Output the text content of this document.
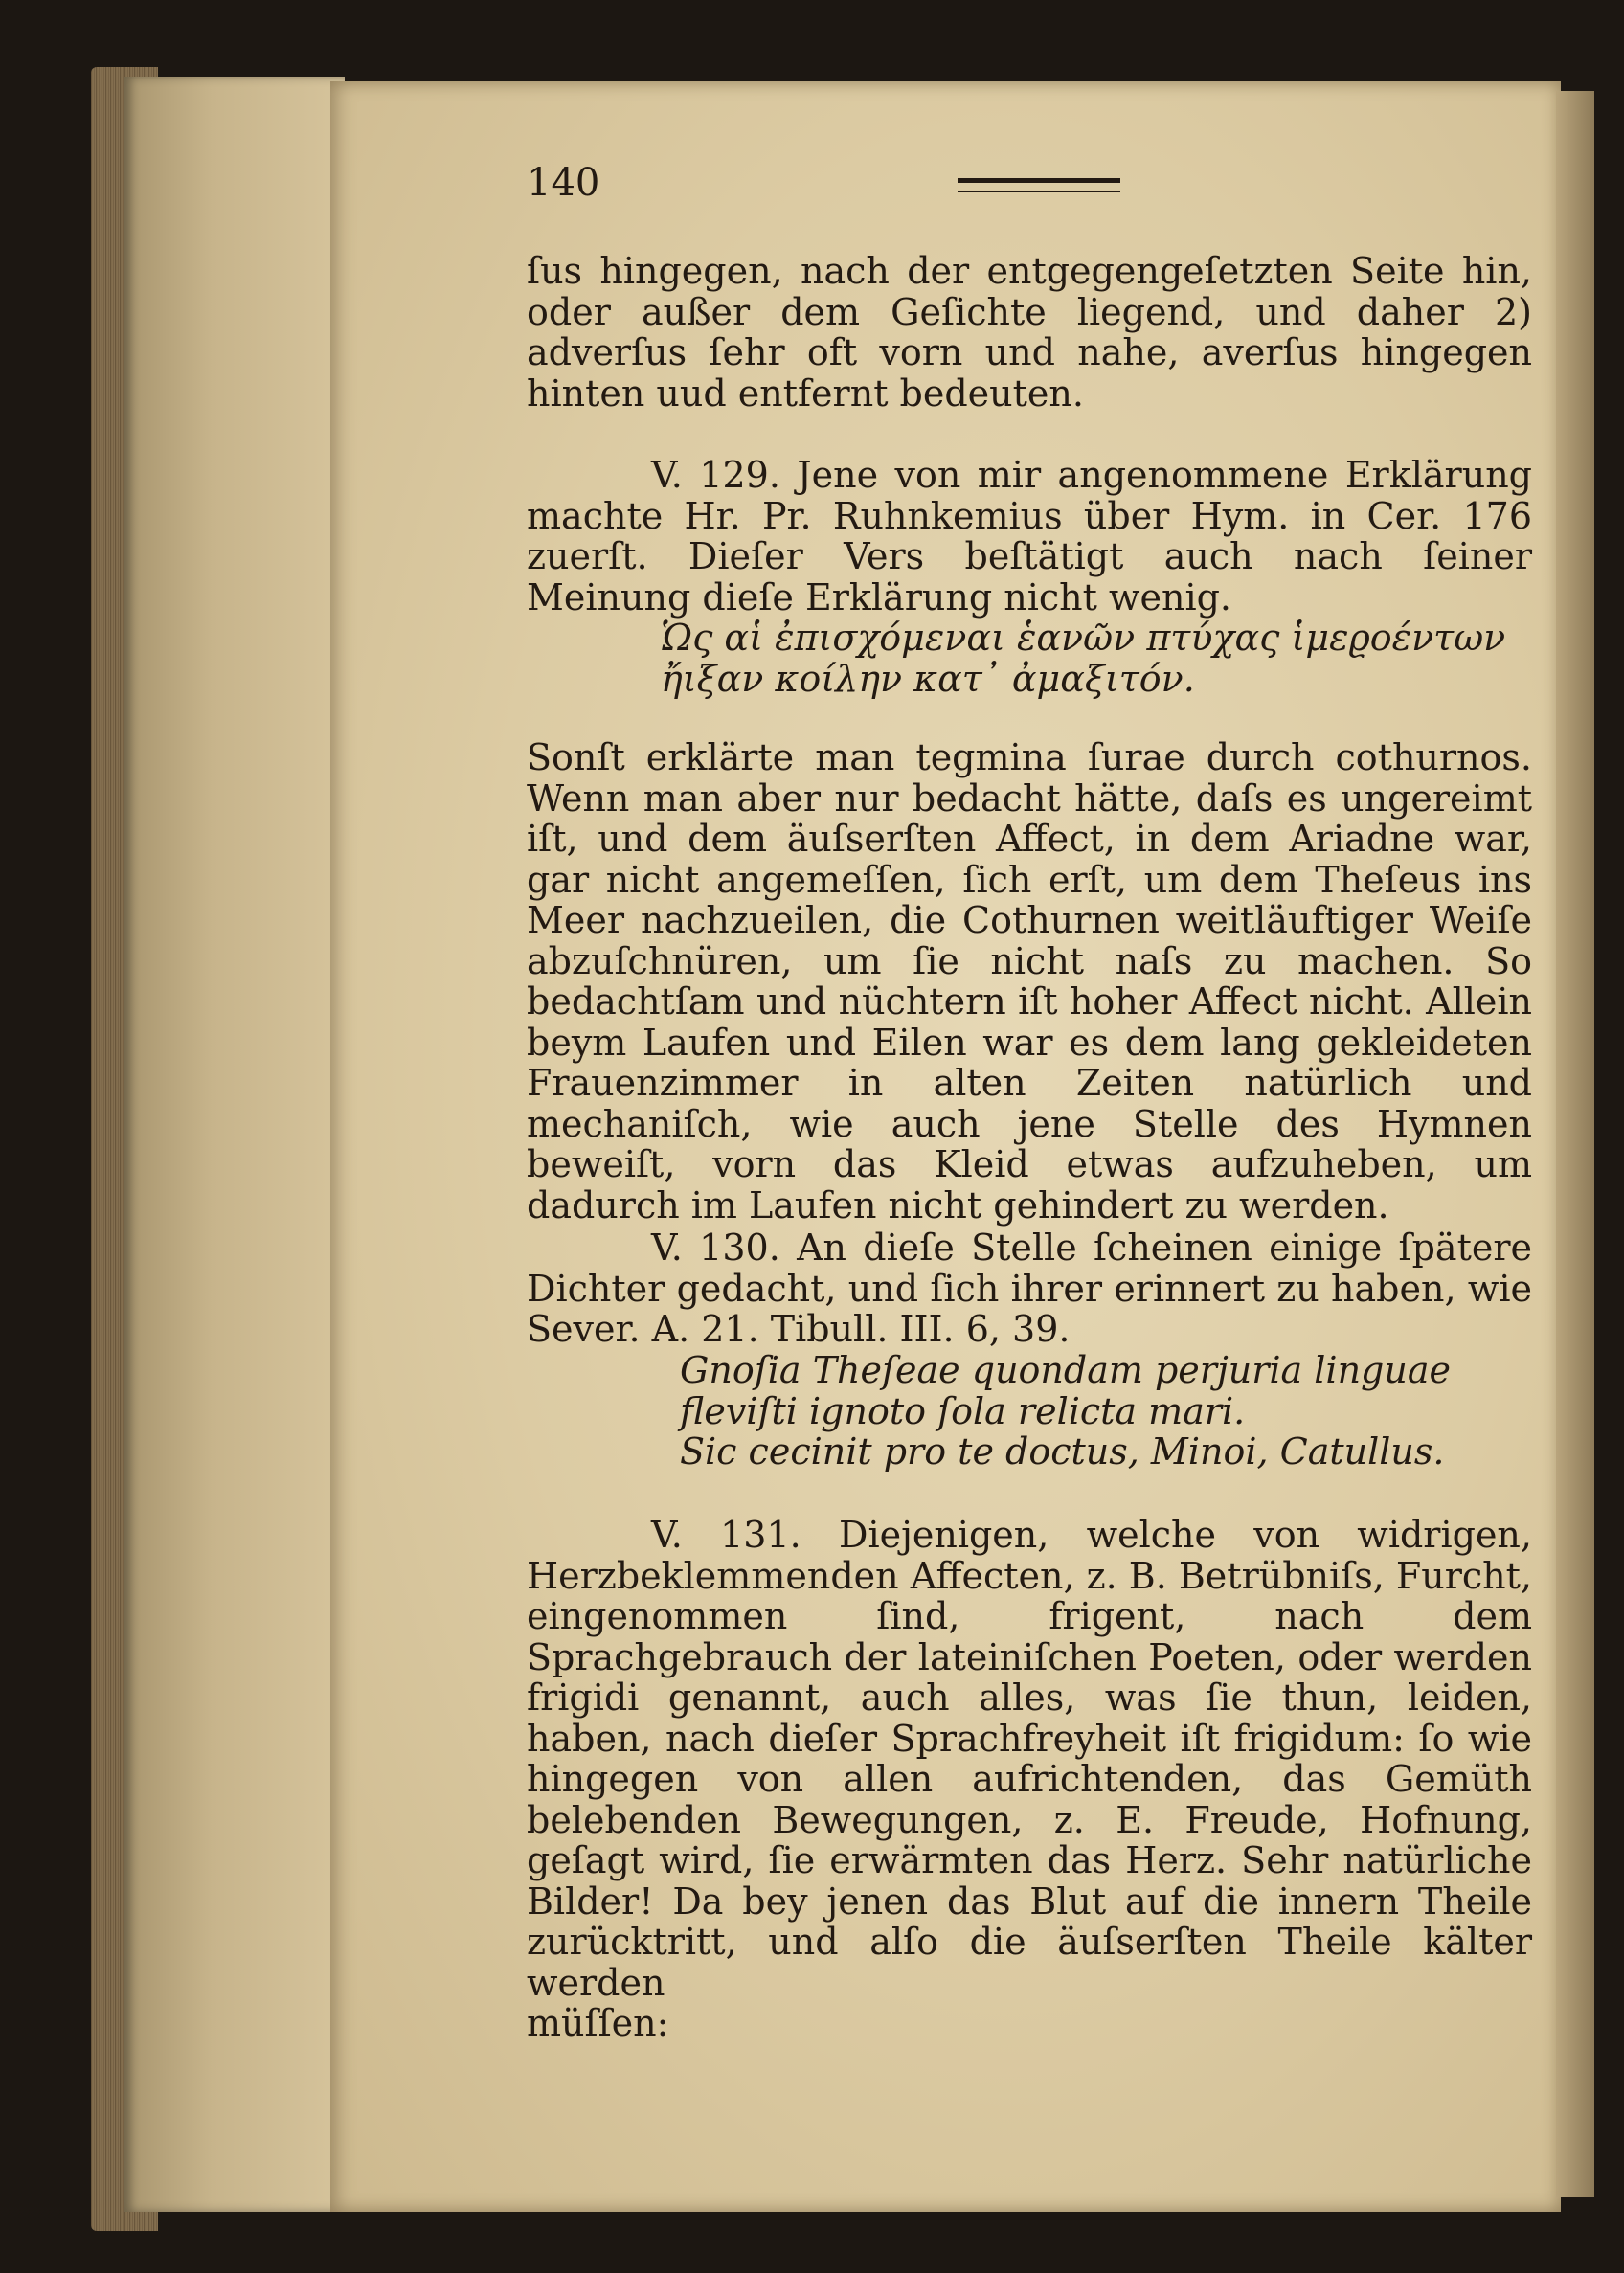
140

ſus hingegen, nach der entgegengeſetzten Seite hin, oder außer dem Geſichte liegend, und daher 2) adverſus ſehr oft vorn und nahe, averſus hingegen hinten uud entfernt bedeuten.

V. 129. Jene von mir angenommene Erklärung machte Hr. Pr. Ruhnkemius über Hym. in Cer. 176 zuerſt. Dieſer Vers beſtätigt auch nach ſeiner Meinung dieſe Erklärung nicht wenig.

Ὡς αἱ ἐπισχόμεναι ἑανῶν πτύχας ἱμεϱοέντων

ἤιξαν κοίλην κατ᾽ ἀμαξιτόν.

Sonſt erklärte man tegmina ſurae durch cothurnos. Wenn man aber nur bedacht hätte, daſs es ungereimt iſt, und dem äuſserſten Affect, in dem Ariadne war, gar nicht angemeſſen, ſich erſt, um dem Theſeus ins Meer nachzueilen, die Cothurnen weitläuftiger Weiſe abzuſchnüren, um ſie nicht naſs zu machen. So bedachtſam und nüchtern iſt hoher Affect nicht. Allein beym Laufen und Eilen war es dem lang gekleideten Frauenzimmer in alten Zeiten natürlich und mechaniſch, wie auch jene Stelle des Hymnen beweiſt, vorn das Kleid etwas aufzuheben, um dadurch im Laufen nicht gehindert zu werden.

V. 130. An dieſe Stelle ſcheinen einige ſpätere Dichter gedacht, und ſich ihrer erinnert zu haben, wie Sever. A. 21. Tibull. III. 6, 39.

Gnoſia Theſeae quondam perjuria linguae

fleviſti ignoto ſola relicta mari.

Sic cecinit pro te doctus, Minoi, Catullus.

V. 131. Diejenigen, welche von widrigen, Herzbeklemmenden Affecten, z. B. Betrübniſs, Furcht, eingenommen ſind, frigent, nach dem Sprachgebrauch der lateiniſchen Poeten, oder werden frigidi genannt, auch alles, was ſie thun, leiden, haben, nach dieſer Sprachfreyheit iſt frigidum: ſo wie hingegen von allen aufrichtenden, das Gemüth belebenden Bewegungen, z. E. Freude, Hofnung, geſagt wird, ſie erwärmten das Herz. Sehr natürliche Bilder! Da bey jenen das Blut auf die innern Theile zurücktritt, und alſo die äuſserſten Theile kälter werden

müſſen:
